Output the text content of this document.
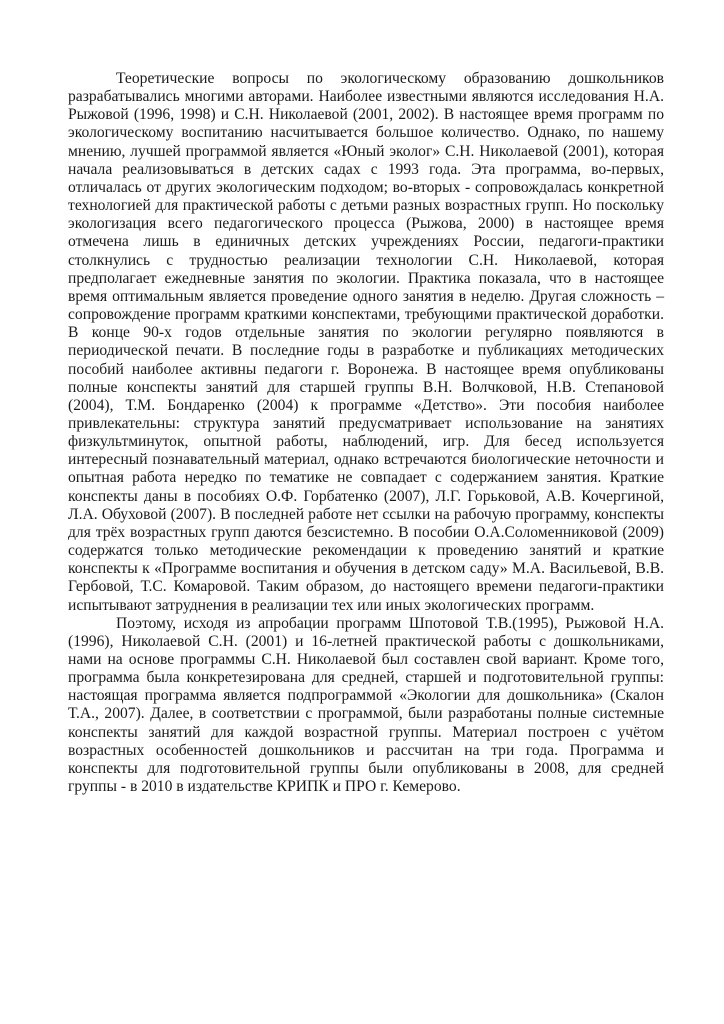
Теоретические вопросы по экологическому образованию дошкольников разрабатывались многими авторами. Наиболее известными являются исследования Н.А. Рыжовой (1996, 1998) и С.Н. Николаевой (2001, 2002). В настоящее время программ по экологическому воспитанию насчитывается большое количество. Однако, по нашему мнению, лучшей программой является «Юный эколог» С.Н. Николаевой (2001), которая начала реализовываться в детских садах с 1993 года. Эта программа, во-первых, отличалась от других экологическим подходом; во-вторых - сопровождалась конкретной технологией для практической работы с детьми разных возрастных групп. Но поскольку экологизация всего педагогического процесса (Рыжова, 2000) в настоящее время отмечена лишь в единичных детских учреждениях России, педагоги-практики столкнулись с трудностью реализации технологии С.Н. Николаевой, которая предполагает ежедневные занятия по экологии. Практика показала, что в настоящее время оптимальным является проведение одного занятия в неделю. Другая сложность – сопровождение программ краткими конспектами, требующими практической доработки. В конце 90-х годов отдельные занятия по экологии регулярно появляются в периодической печати. В последние годы в разработке и публикациях методических пособий наиболее активны педагоги г. Воронежа. В настоящее время опубликованы полные конспекты занятий для старшей группы В.Н. Волчковой, Н.В. Степановой (2004), Т.М. Бондаренко (2004) к программе «Детство». Эти пособия наиболее привлекательны: структура занятий предусматривает использование на занятиях физкультминуток, опытной работы, наблюдений, игр. Для бесед используется интересный познавательный материал, однако встречаются биологические неточности и опытная работа нередко по тематике не совпадает с содержанием занятия. Краткие конспекты даны в пособиях О.Ф. Горбатенко (2007), Л.Г. Горьковой, А.В. Кочергиной, Л.А. Обуховой (2007). В последней работе нет ссылки на рабочую программу, конспекты для трёх возрастных групп даются безсистемно. В пособии О.А.Соломенниковой (2009) содержатся только методические рекомендации к проведению занятий и краткие конспекты к «Программе воспитания и обучения в детском саду» М.А. Васильевой, В.В. Гербовой, Т.С. Комаровой. Таким образом, до настоящего времени педагоги-практики испытывают затруднения в реализации тех или иных экологических программ.

Поэтому, исходя из апробации программ Шпотовой Т.В.(1995), Рыжовой Н.А.(1996), Николаевой С.Н. (2001) и 16-летней практической работы с дошкольниками, нами на основе программы С.Н. Николаевой был составлен свой вариант. Кроме того, программа была конкретезирована для средней, старшей и подготовительной группы: настоящая программа является подпрограммой «Экологии для дошкольника» (Скалон Т.А., 2007). Далее, в соответствии с программой, были разработаны полные системные конспекты занятий для каждой возрастной группы. Материал построен с учётом возрастных особенностей дошкольников и рассчитан на три года. Программа и конспекты для подготовительной группы были опубликованы в 2008, для средней группы - в 2010 в издательстве КРИПК и ПРО г. Кемерово.
